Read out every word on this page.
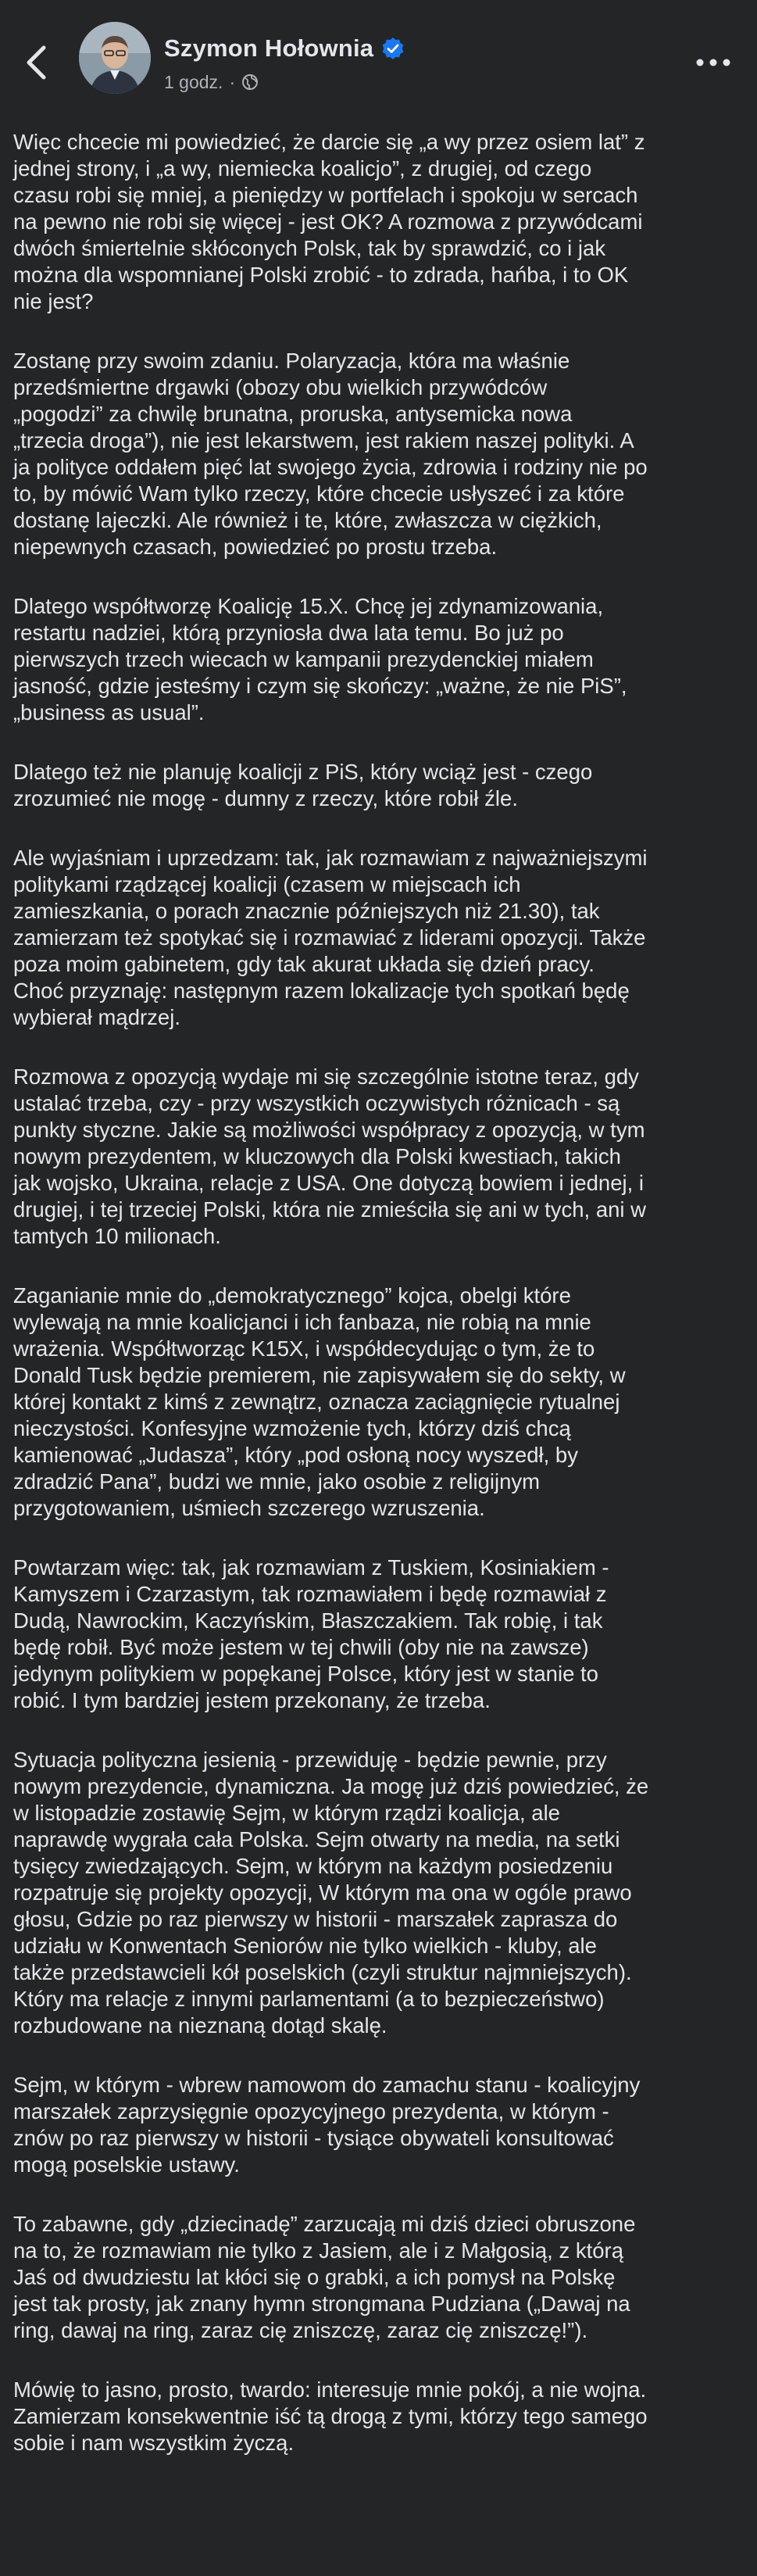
Szymon Hołownia
1 godz. ·

Więc chcecie mi powiedzieć, że darcie się „a wy przez osiem lat” z
jednej strony, i „a wy, niemiecka koalicjo”, z drugiej, od czego
czasu robi się mniej, a pieniędzy w portfelach i spokoju w sercach
na pewno nie robi się więcej - jest OK? A rozmowa z przywódcami
dwóch śmiertelnie skłóconych Polsk, tak by sprawdzić, co i jak
można dla wspomnianej Polski zrobić - to zdrada, hańba, i to OK
nie jest?

Zostanę przy swoim zdaniu. Polaryzacja, która ma właśnie
przedśmiertne drgawki (obozy obu wielkich przywódców
„pogodzi” za chwilę brunatna, proruska, antysemicka nowa
„trzecia droga”), nie jest lekarstwem, jest rakiem naszej polityki. A
ja polityce oddałem pięć lat swojego życia, zdrowia i rodziny nie po
to, by mówić Wam tylko rzeczy, które chcecie usłyszeć i za które
dostanę lajeczki. Ale również i te, które, zwłaszcza w ciężkich,
niepewnych czasach, powiedzieć po prostu trzeba.

Dlatego współtworzę Koalicję 15.X. Chcę jej zdynamizowania,
restartu nadziei, którą przyniosła dwa lata temu. Bo już po
pierwszych trzech wiecach w kampanii prezydenckiej miałem
jasność, gdzie jesteśmy i czym się skończy: „ważne, że nie PiS”,
„business as usual”.

Dlatego też nie planuję koalicji z PiS, który wciąż jest - czego
zrozumieć nie mogę - dumny z rzeczy, które robił źle.

Ale wyjaśniam i uprzedzam: tak, jak rozmawiam z najważniejszymi
politykami rządzącej koalicji (czasem w miejscach ich
zamieszkania, o porach znacznie późniejszych niż 21.30), tak
zamierzam też spotykać się i rozmawiać z liderami opozycji. Także
poza moim gabinetem, gdy tak akurat układa się dzień pracy.
Choć przyznaję: następnym razem lokalizacje tych spotkań będę
wybierał mądrzej.

Rozmowa z opozycją wydaje mi się szczególnie istotne teraz, gdy
ustalać trzeba, czy - przy wszystkich oczywistych różnicach - są
punkty styczne. Jakie są możliwości współpracy z opozycją, w tym
nowym prezydentem, w kluczowych dla Polski kwestiach, takich
jak wojsko, Ukraina, relacje z USA. One dotyczą bowiem i jednej, i
drugiej, i tej trzeciej Polski, która nie zmieściła się ani w tych, ani w
tamtych 10 milionach.

Zaganianie mnie do „demokratycznego” kojca, obelgi które
wylewają na mnie koalicjanci i ich fanbaza, nie robią na mnie
wrażenia. Współtworząc K15X, i współdecydując o tym, że to
Donald Tusk będzie premierem, nie zapisywałem się do sekty, w
której kontakt z kimś z zewnątrz, oznacza zaciągnięcie rytualnej
nieczystości. Konfesyjne wzmożenie tych, którzy dziś chcą
kamienować „Judasza”, który „pod osłoną nocy wyszedł, by
zdradzić Pana”, budzi we mnie, jako osobie z religijnym
przygotowaniem, uśmiech szczerego wzruszenia.

Powtarzam więc: tak, jak rozmawiam z Tuskiem, Kosiniakiem -
Kamyszem i Czarzastym, tak rozmawiałem i będę rozmawiał z
Dudą, Nawrockim, Kaczyńskim, Błaszczakiem. Tak robię, i tak
będę robił. Być może jestem w tej chwili (oby nie na zawsze)
jedynym politykiem w popękanej Polsce, który jest w stanie to
robić. I tym bardziej jestem przekonany, że trzeba.

Sytuacja polityczna jesienią - przewiduję - będzie pewnie, przy
nowym prezydencie, dynamiczna. Ja mogę już dziś powiedzieć, że
w listopadzie zostawię Sejm, w którym rządzi koalicja, ale
naprawdę wygrała cała Polska. Sejm otwarty na media, na setki
tysięcy zwiedzających. Sejm, w którym na każdym posiedzeniu
rozpatruje się projekty opozycji, W którym ma ona w ogóle prawo
głosu, Gdzie po raz pierwszy w historii - marszałek zaprasza do
udziału w Konwentach Seniorów nie tylko wielkich - kluby, ale
także przedstawcieli kół poselskich (czyli struktur najmniejszych).
Który ma relacje z innymi parlamentami (a to bezpieczeństwo)
rozbudowane na nieznaną dotąd skalę.

Sejm, w którym - wbrew namowom do zamachu stanu - koalicyjny
marszałek zaprzysięgnie opozycyjnego prezydenta, w którym -
znów po raz pierwszy w historii - tysiące obywateli konsultować
mogą poselskie ustawy.

To zabawne, gdy „dziecinadę” zarzucają mi dziś dzieci obruszone
na to, że rozmawiam nie tylko z Jasiem, ale i z Małgosią, z którą
Jaś od dwudziestu lat kłóci się o grabki, a ich pomysł na Polskę
jest tak prosty, jak znany hymn strongmana Pudziana („Dawaj na
ring, dawaj na ring, zaraz cię zniszczę, zaraz cię zniszczę!”).

Mówię to jasno, prosto, twardo: interesuje mnie pokój, a nie wojna.
Zamierzam konsekwentnie iść tą drogą z tymi, którzy tego samego
sobie i nam wszystkim życzą.
